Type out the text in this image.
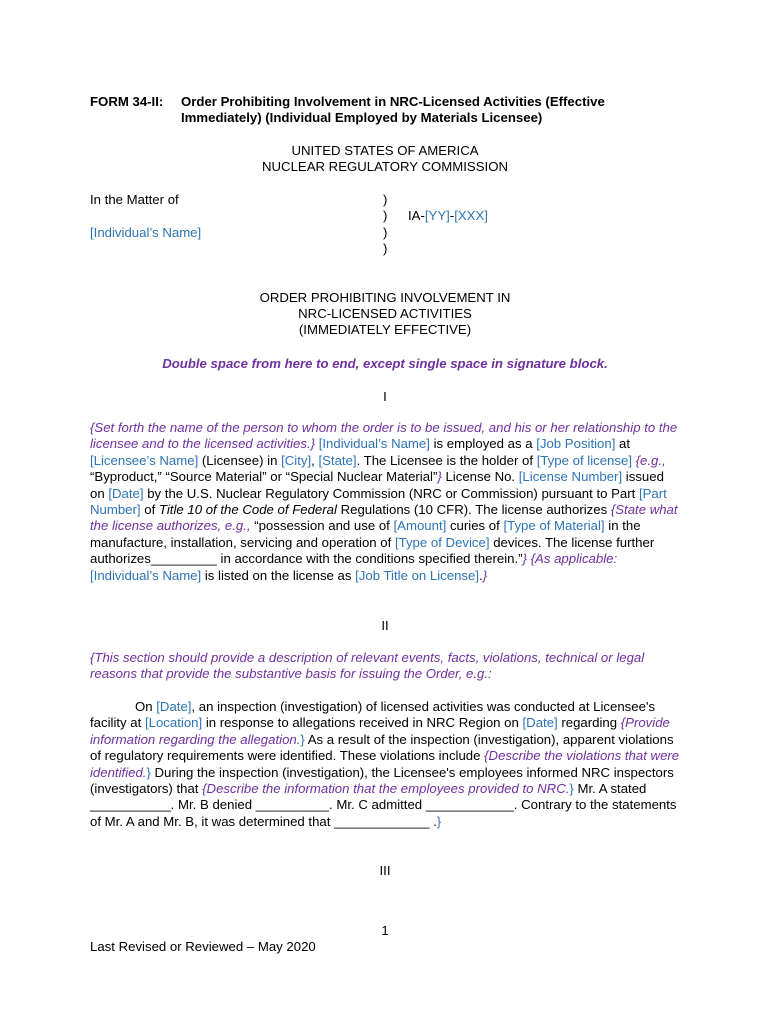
FORM 34-II: Order Prohibiting Involvement in NRC-Licensed Activities (Effective
Immediately) (Individual Employed by Materials Licensee)
UNITED STATES OF AMERICA
NUCLEAR REGULATORY COMMISSION
In the Matter of
[Individual’s Name]
)
)
)
)
IA-[YY]-[XXX]
ORDER PROHIBITING INVOLVEMENT IN
NRC-LICENSED ACTIVITIES
(IMMEDIATELY EFFECTIVE)
Double space from here to end, except single space in signature block.
I
{Set forth the name of the person to whom the order is to be issued, and his or her relationship to the licensee and to the licensed activities.} [Individual’s Name] is employed as a [Job Position] at [Licensee’s Name] (Licensee) in [City], [State]. The Licensee is the holder of [Type of license] {e.g., “Byproduct,” “Source Material” or “Special Nuclear Material”} License No. [License Number] issued on [Date] by the U.S. Nuclear Regulatory Commission (NRC or Commission) pursuant to Part [Part Number] of Title 10 of the Code of Federal Regulations (10 CFR). The license authorizes {State what the license authorizes, e.g., “possession and use of [Amount] curies of [Type of Material] in the manufacture, installation, servicing and operation of [Type of Device] devices. The license further authorizes_________ in accordance with the conditions specified therein.”} {As applicable: [Individual’s Name] is listed on the license as [Job Title on License].}
II
{This section should provide a description of relevant events, facts, violations, technical or legal reasons that provide the substantive basis for issuing the Order, e.g.:
On [Date], an inspection (investigation) of licensed activities was conducted at Licensee's facility at [Location] in response to allegations received in NRC Region on [Date] regarding {Provide information regarding the allegation.} As a result of the inspection (investigation), apparent violations of regulatory requirements were identified. These violations include {Describe the violations that were identified.} During the inspection (investigation), the Licensee's employees informed NRC inspectors (investigators) that {Describe the information that the employees provided to NRC.} Mr. A stated ___________. Mr. B denied __________. Mr. C admitted ____________. Contrary to the statements of Mr. A and Mr. B, it was determined that _____________ .}
III
1
Last Revised or Reviewed – May 2020
